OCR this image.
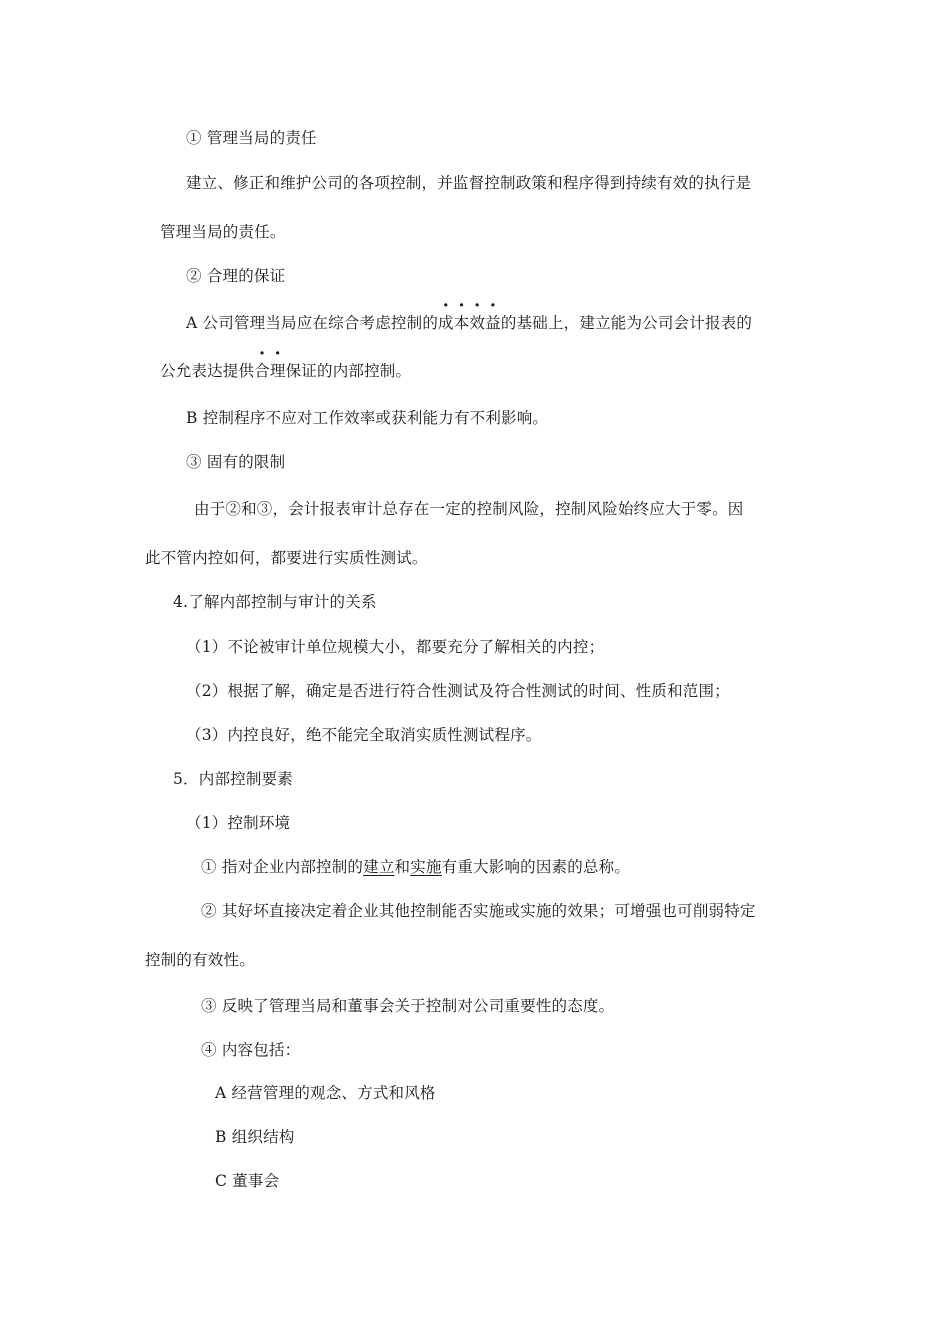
① 管理当局的责任
建立、修正和维护公司的各项控制，并监督控制政策和程序得到持续有效的执行是
管理当局的责任。
② 合理的保证
A 公司管理当局应在综合考虑控制的成本效益的基础上，建立能为公司会计报表的
公允表达提供合理保证的内部控制。
B 控制程序不应对工作效率或获利能力有不利影响。
③ 固有的限制
由于②和③，会计报表审计总存在一定的控制风险，控制风险始终应大于零。因
此不管内控如何，都要进行实质性测试。
4.了解内部控制与审计的关系
（1）不论被审计单位规模大小，都要充分了解相关的内控；
（2）根据了解，确定是否进行符合性测试及符合性测试的时间、性质和范围；
（3）内控良好，绝不能完全取消实质性测试程序。
5．内部控制要素
（1）控制环境
① 指对企业内部控制的建立和实施有重大影响的因素的总称。
② 其好坏直接决定着企业其他控制能否实施或实施的效果；可增强也可削弱特定
控制的有效性。
③ 反映了管理当局和董事会关于控制对公司重要性的态度。
④ 内容包括：
A 经营管理的观念、方式和风格
B 组织结构
C 董事会
